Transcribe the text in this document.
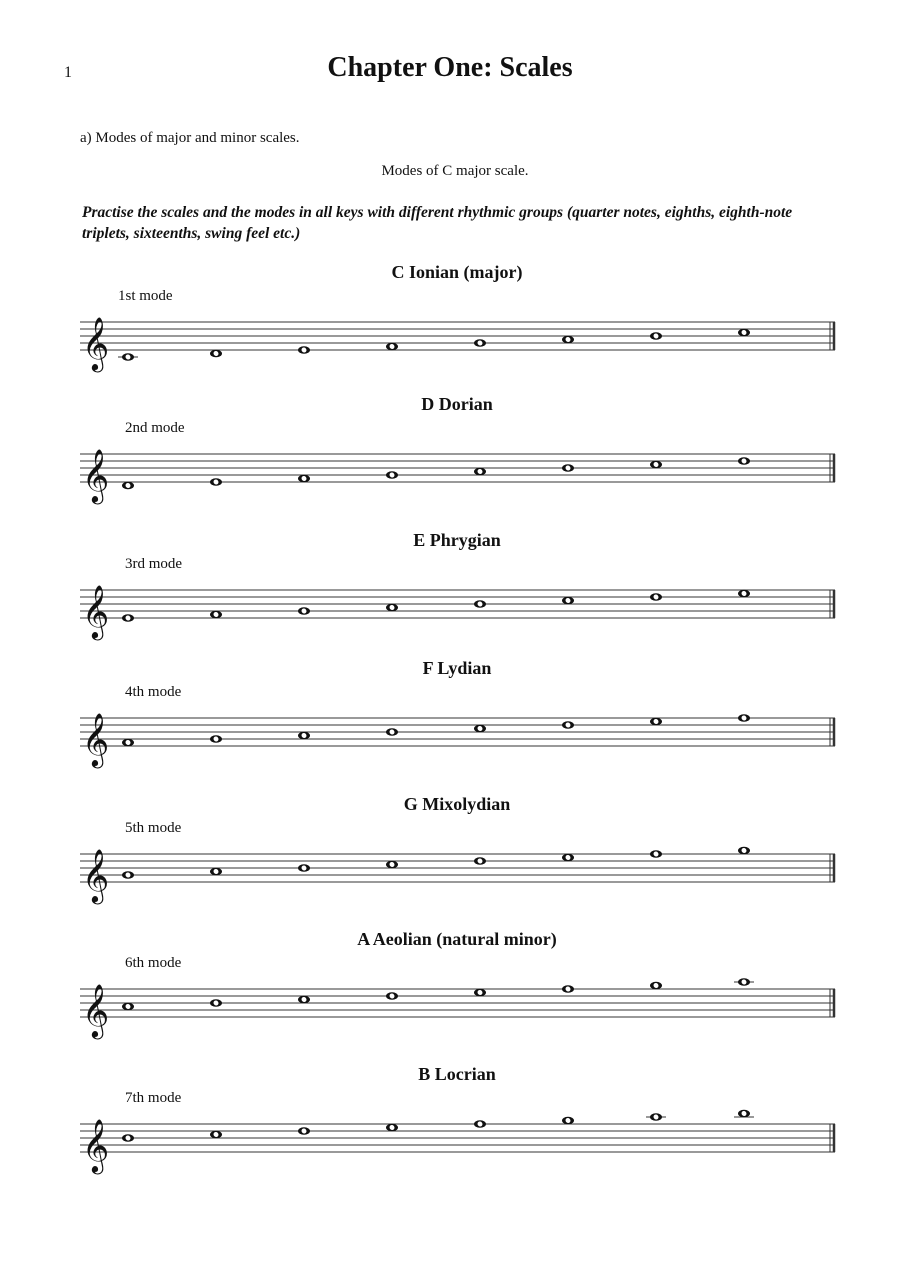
1	Chapter One: Scales
a) Modes of major and minor scales.
Modes of C major scale.
Practise the scales and the modes in all keys with different rhythmic groups (quarter notes, eighths, eighth-note triplets, sixteenths, swing feel etc.)
C Ionian (major)
1st mode
𝄞
D Dorian
2nd mode
𝄞
E Phrygian
3rd mode
𝄞
F Lydian
4th mode
𝄞
G Mixolydian
5th mode
𝄞
A Aeolian (natural minor)
6th mode
𝄞
B Locrian
7th mode
𝄞
